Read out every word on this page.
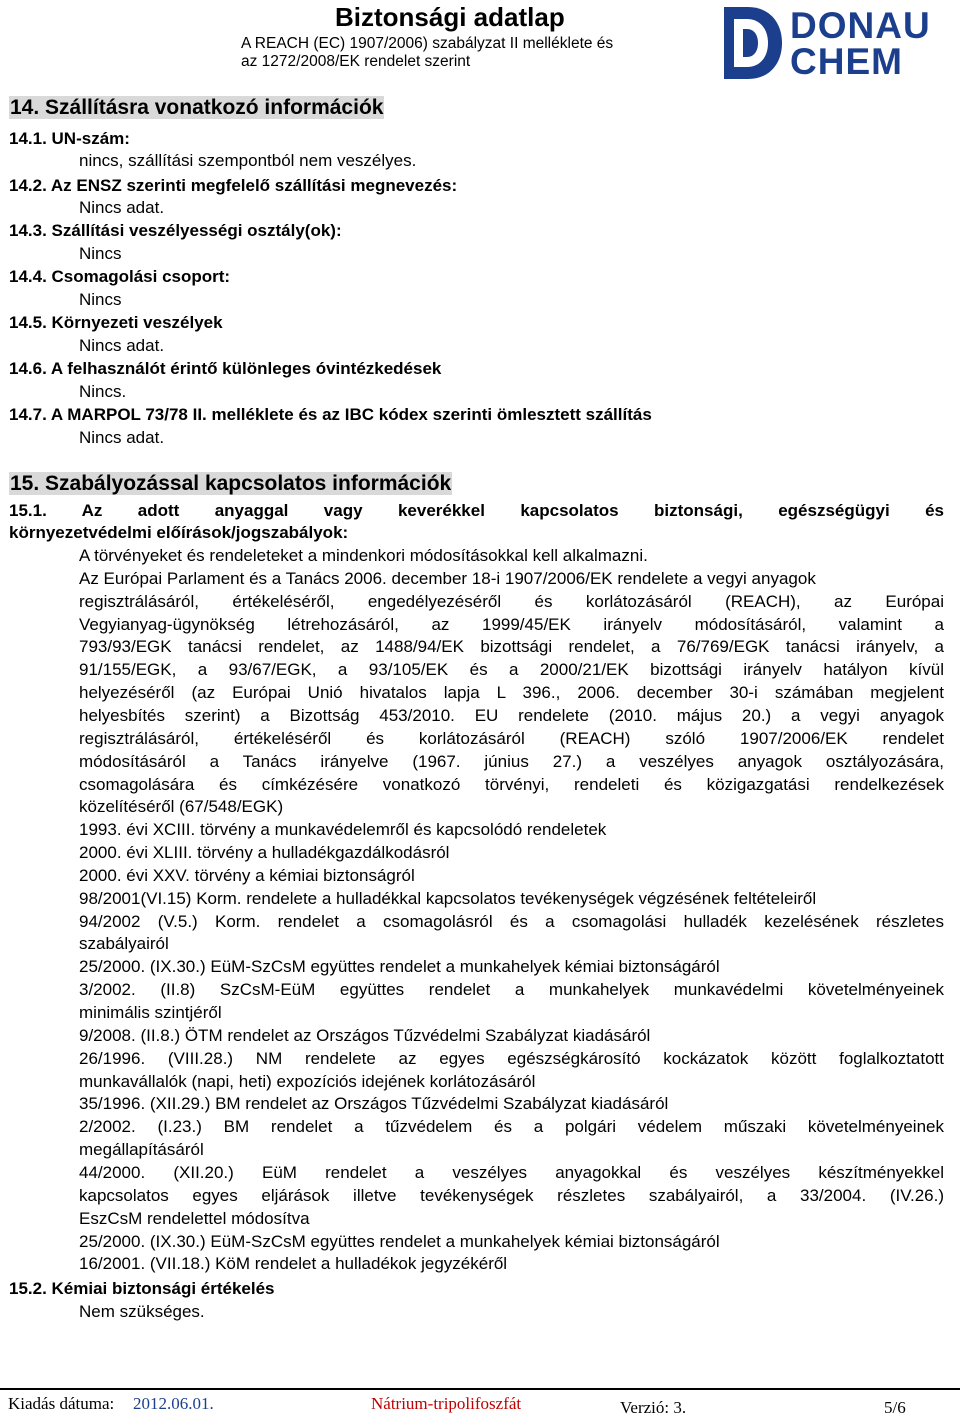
Biztonsági adatlap
A REACH (EC) 1907/2006) szabályzat II melléklete és
az 1272/2008/EK rendelet szerint
DONAU
CHEM
14. Szállításra vonatkozó információk
14.1. UN-szám:
nincs, szállítási szempontból nem veszélyes.
14.2. Az ENSZ szerinti megfelelő szállítási megnevezés:
Nincs adat.
14.3. Szállítási veszélyességi osztály(ok):
Nincs
14.4. Csomagolási csoport:
Nincs
14.5. Környezeti veszélyek
Nincs adat.
14.6. A felhasználót érintő különleges óvintézkedések
Nincs.
14.7. A MARPOL 73/78 II. melléklete és az IBC kódex szerinti ömlesztett szállítás
Nincs adat.
15. Szabályozással kapcsolatos információk
15.1. Az adott anyaggal vagy keverékkel kapcsolatos biztonsági, egészségügyi és
környezetvédelmi előírások/jogszabályok:
A törvényeket és rendeleteket a mindenkori módosításokkal kell alkalmazni.
Az Európai Parlament és a Tanács 2006. december 18-i 1907/2006/EK rendelete a vegyi anyagok
regisztrálásáról, értékeléséről, engedélyezéséről és korlátozásáról (REACH), az Európai
Vegyianyag-ügynökség létrehozásáról, az 1999/45/EK irányelv módosításáról, valamint a
793/93/EGK tanácsi rendelet, az 1488/94/EK bizottsági rendelet, a 76/769/EGK tanácsi irányelv, a
91/155/EGK, a 93/67/EGK, a 93/105/EK és a 2000/21/EK bizottsági irányelv hatályon kívül
helyezéséről (az Európai Unió hivatalos lapja L 396., 2006. december 30-i számában megjelent
helyesbítés szerint) a Bizottság 453/2010. EU rendelete (2010. május 20.) a vegyi anyagok
regisztrálásáról, értékeléséről és korlátozásáról (REACH) szóló 1907/2006/EK rendelet
módosításáról a Tanács irányelve (1967. június 27.) a veszélyes anyagok osztályozására,
csomagolására és címkézésére vonatkozó törvényi, rendeleti és közigazgatási rendelkezések
közelítéséről (67/548/EGK)
1993. évi XCIII. törvény a munkavédelemről és kapcsolódó rendeletek
2000. évi XLIII. törvény a hulladékgazdálkodásról
2000. évi XXV. törvény a kémiai biztonságról
98/2001(VI.15) Korm. rendelete a hulladékkal kapcsolatos tevékenységek végzésének feltételeiről
94/2002 (V.5.) Korm. rendelet a csomagolásról és a csomagolási hulladék kezelésének részletes
szabályairól
25/2000. (IX.30.) EüM-SzCsM együttes rendelet a munkahelyek kémiai biztonságáról
3/2002. (II.8) SzCsM-EüM együttes rendelet a munkahelyek munkavédelmi követelményeinek
minimális szintjéről
9/2008. (II.8.) ÖTM rendelet az Országos Tűzvédelmi Szabályzat kiadásáról
26/1996. (VIII.28.) NM rendelete az egyes egészségkárosító kockázatok között foglalkoztatott
munkavállalók (napi, heti) expozíciós idejének korlátozásáról
35/1996. (XII.29.) BM rendelet az Országos Tűzvédelmi Szabályzat kiadásáról
2/2002. (I.23.) BM rendelet a tűzvédelem és a polgári védelem műszaki követelményeinek
megállapításáról
44/2000. (XII.20.) EüM rendelet a veszélyes anyagokkal és veszélyes készítményekkel
kapcsolatos egyes eljárások illetve tevékenységek részletes szabályairól, a 33/2004. (IV.26.)
EszCsM rendelettel módosítva
25/2000. (IX.30.) EüM-SzCsM együttes rendelet a munkahelyek kémiai biztonságáról
16/2001. (VII.18.) KöM rendelet a hulladékok jegyzékéről
15.2. Kémiai biztonsági értékelés
Nem szükséges.
Kiadás dátuma: 2012.06.01.	Nátrium-tripolifoszfát	Verzió: 3.	5/6
